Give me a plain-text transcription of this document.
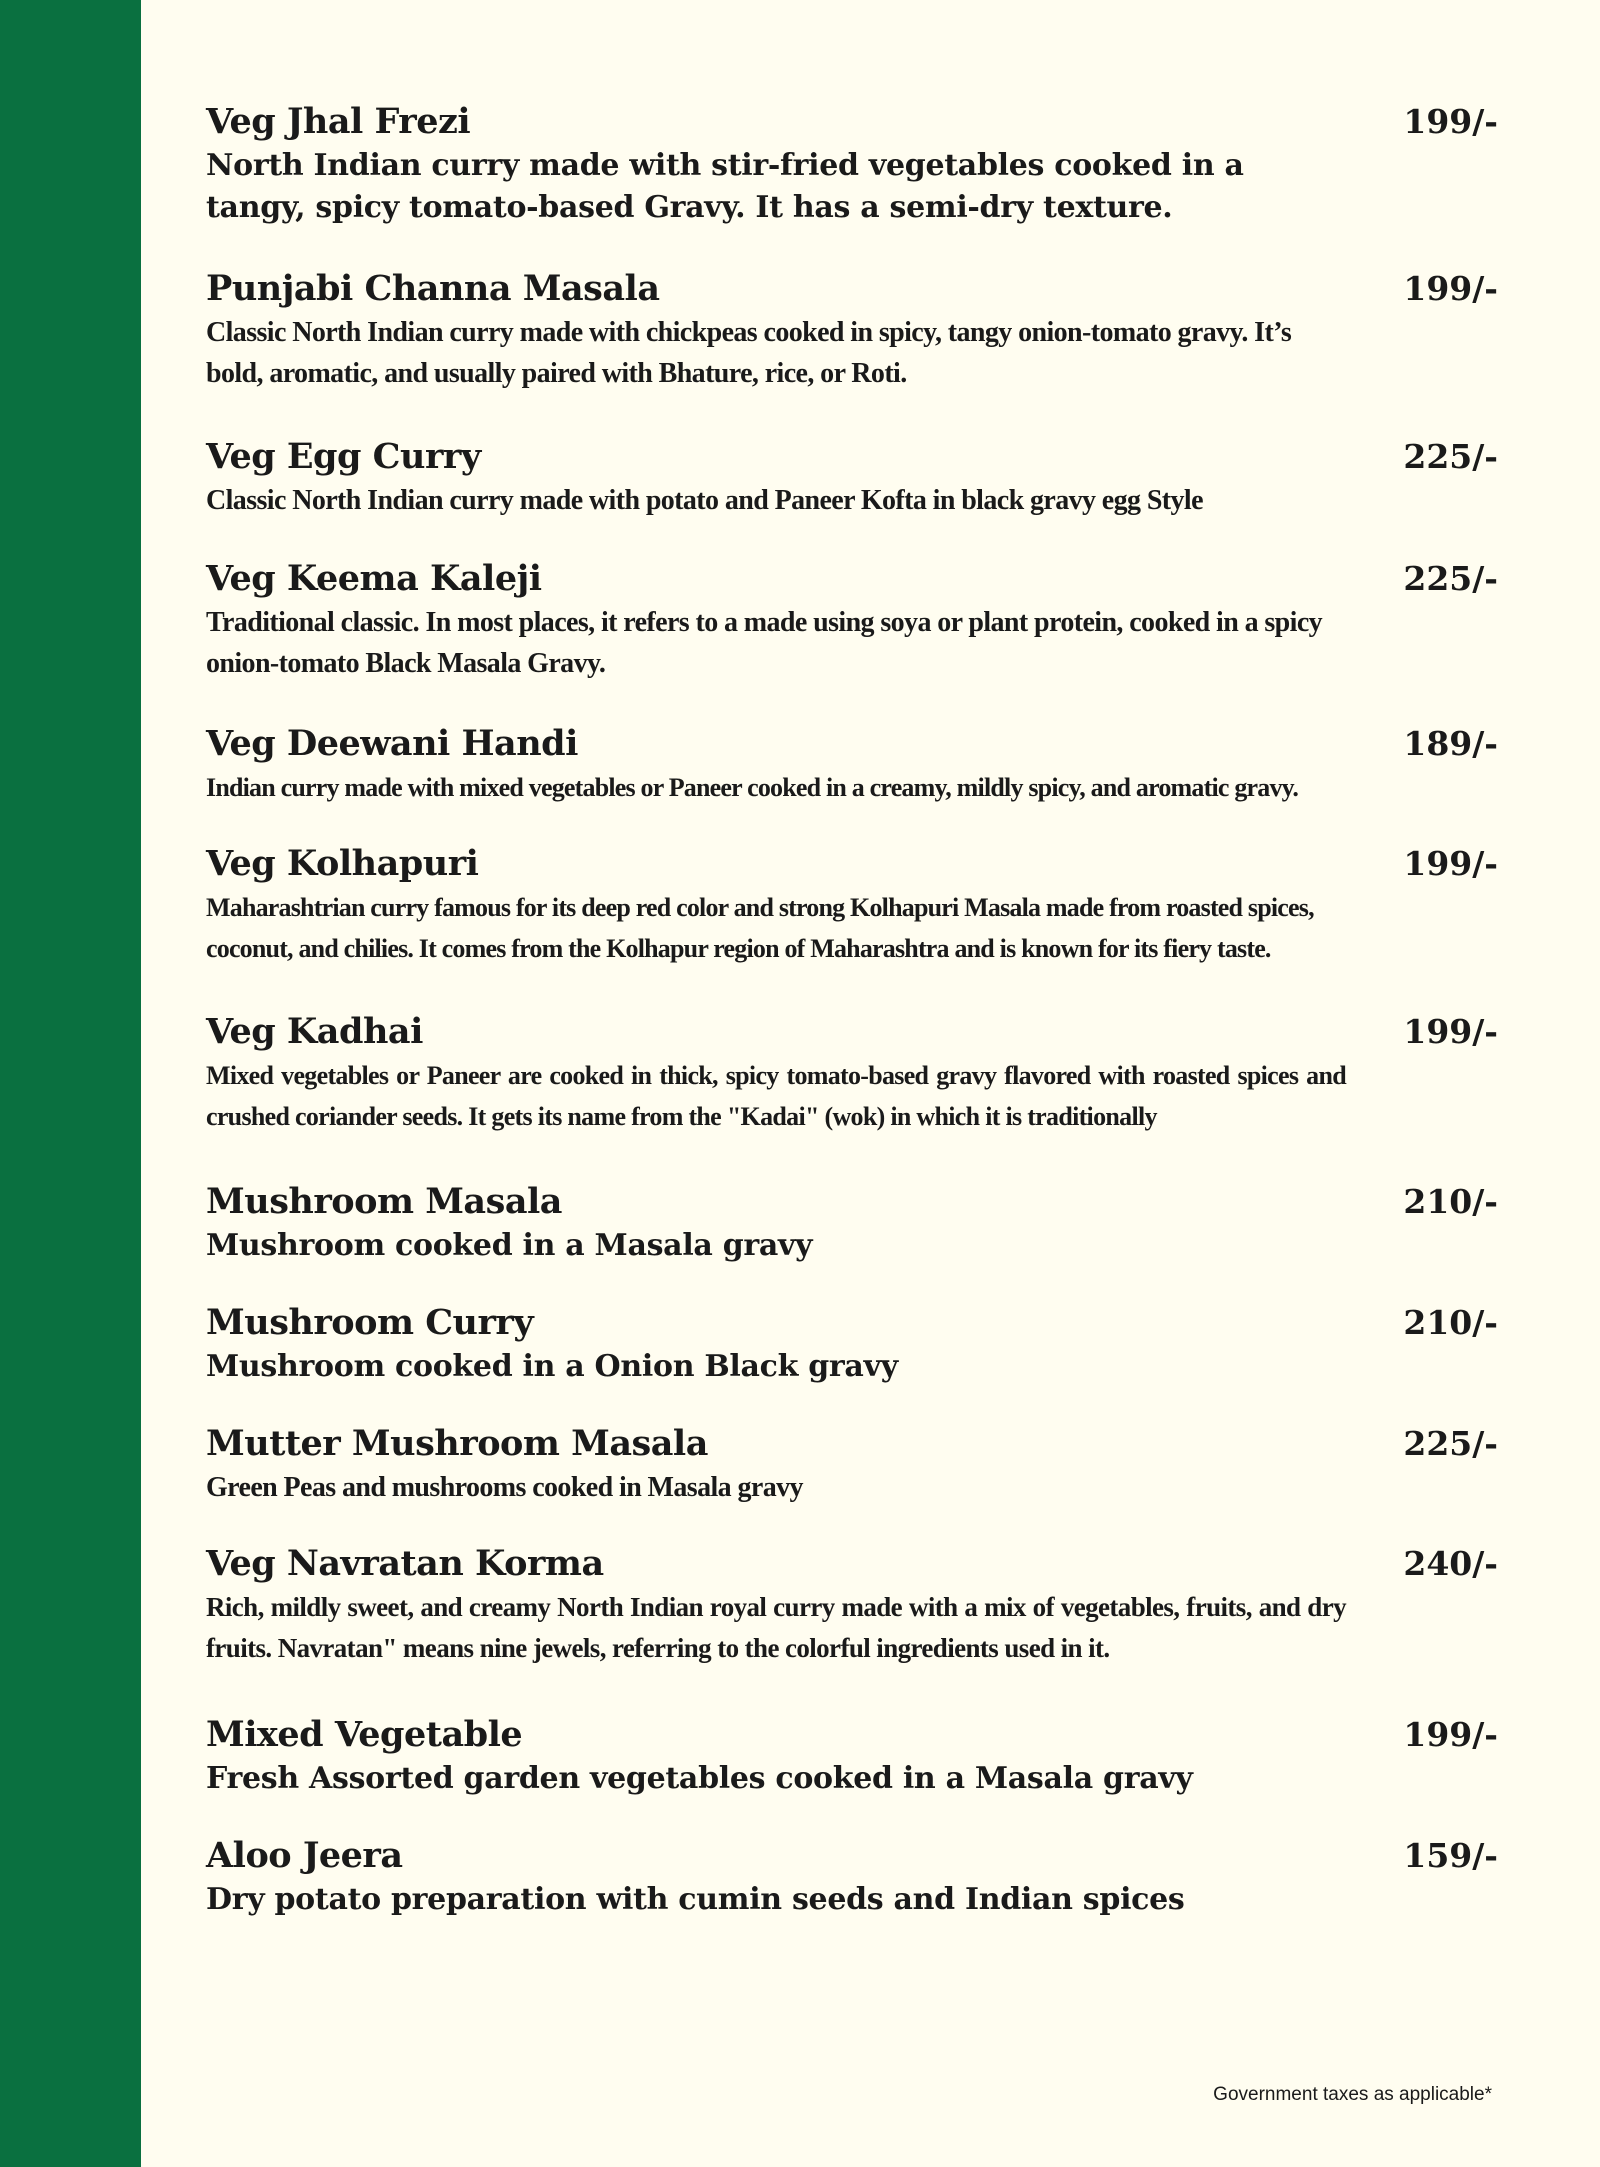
Veg Jhal Frezi	199/-
North Indian curry made with stir-fried vegetables cooked in a tangy, spicy tomato-based Gravy. It has a semi-dry texture.
Punjabi Channa Masala	199/-
Classic North Indian curry made with chickpeas cooked in spicy, tangy onion-tomato gravy. It’s bold, aromatic, and usually paired with Bhature, rice, or Roti.
Veg Egg Curry	225/-
Classic North Indian curry made with potato and Paneer Kofta in black gravy egg Style
Veg Keema Kaleji	225/-
Traditional classic. In most places, it refers to a made using soya or plant protein, cooked in a spicy onion-tomato Black Masala Gravy.
Veg Deewani Handi	189/-
Indian curry made with mixed vegetables or Paneer cooked in a creamy, mildly spicy, and aromatic gravy.
Veg Kolhapuri	199/-
Maharashtrian curry famous for its deep red color and strong Kolhapuri Masala made from roasted spices, coconut, and chilies. It comes from the Kolhapur region of Maharashtra and is known for its fiery taste.
Veg Kadhai	199/-
Mixed vegetables or Paneer are cooked in thick, spicy tomato-based gravy flavored with roasted spices and crushed coriander seeds. It gets its name from the "Kadai" (wok) in which it is traditionally
Mushroom Masala	210/-
Mushroom cooked in a Masala gravy
Mushroom Curry	210/-
Mushroom cooked in a Onion Black gravy
Mutter Mushroom Masala	225/-
Green Peas and mushrooms cooked in Masala gravy
Veg Navratan Korma	240/-
Rich, mildly sweet, and creamy North Indian royal curry made with a mix of vegetables, fruits, and dry fruits. Navratan" means nine jewels, referring to the colorful ingredients used in it.
Mixed Vegetable	199/-
Fresh Assorted garden vegetables cooked in a Masala gravy
Aloo Jeera	159/-
Dry potato preparation with cumin seeds and Indian spices
Government taxes as applicable*
